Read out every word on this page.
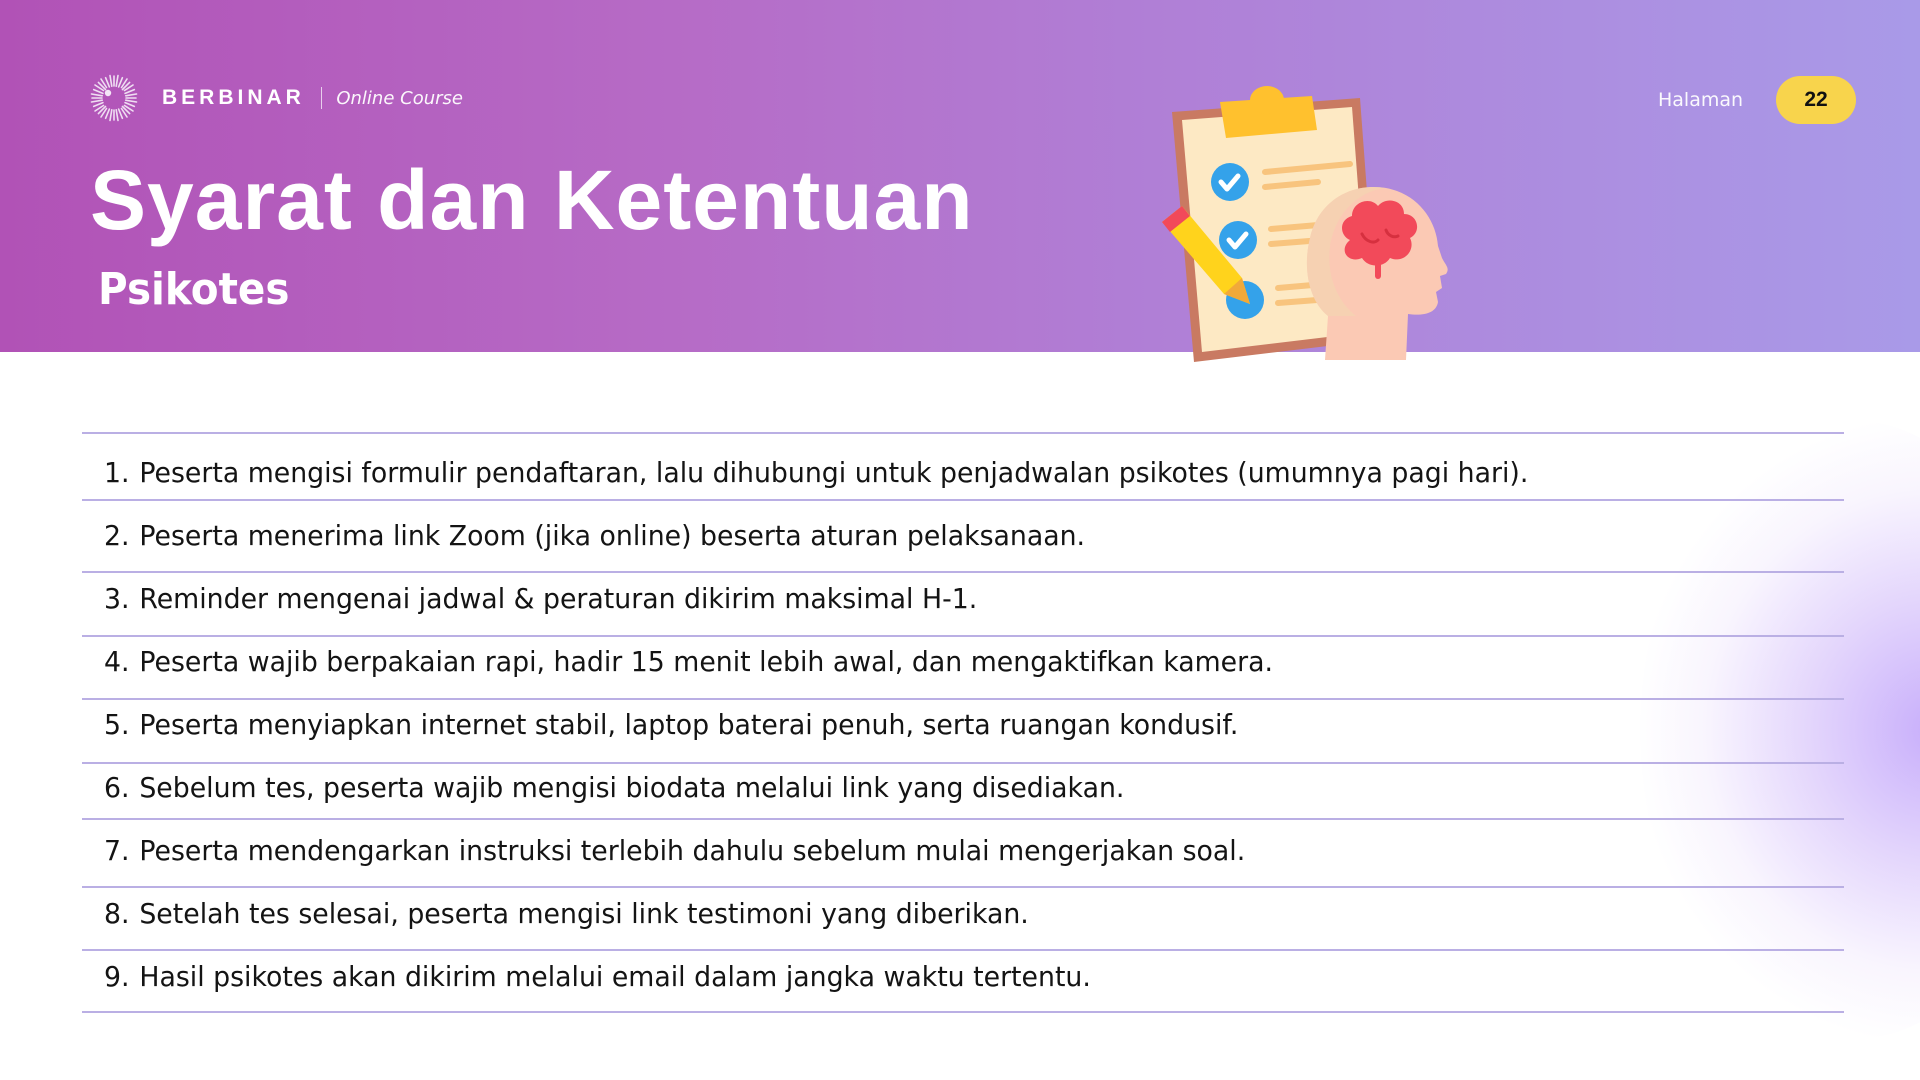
BERBINAR Online Course
Syarat dan Ketentuan
Psikotes
Halaman	22
1. Peserta mengisi formulir pendaftaran, lalu dihubungi untuk penjadwalan psikotes (umumnya pagi hari).
2. Peserta menerima link Zoom (jika online) beserta aturan pelaksanaan.
3. Reminder mengenai jadwal & peraturan dikirim maksimal H-1.
4. Peserta wajib berpakaian rapi, hadir 15 menit lebih awal, dan mengaktifkan kamera.
5. Peserta menyiapkan internet stabil, laptop baterai penuh, serta ruangan kondusif.
6. Sebelum tes, peserta wajib mengisi biodata melalui link yang disediakan.
7. Peserta mendengarkan instruksi terlebih dahulu sebelum mulai mengerjakan soal.
8. Setelah tes selesai, peserta mengisi link testimoni yang diberikan.
9. Hasil psikotes akan dikirim melalui email dalam jangka waktu tertentu.
